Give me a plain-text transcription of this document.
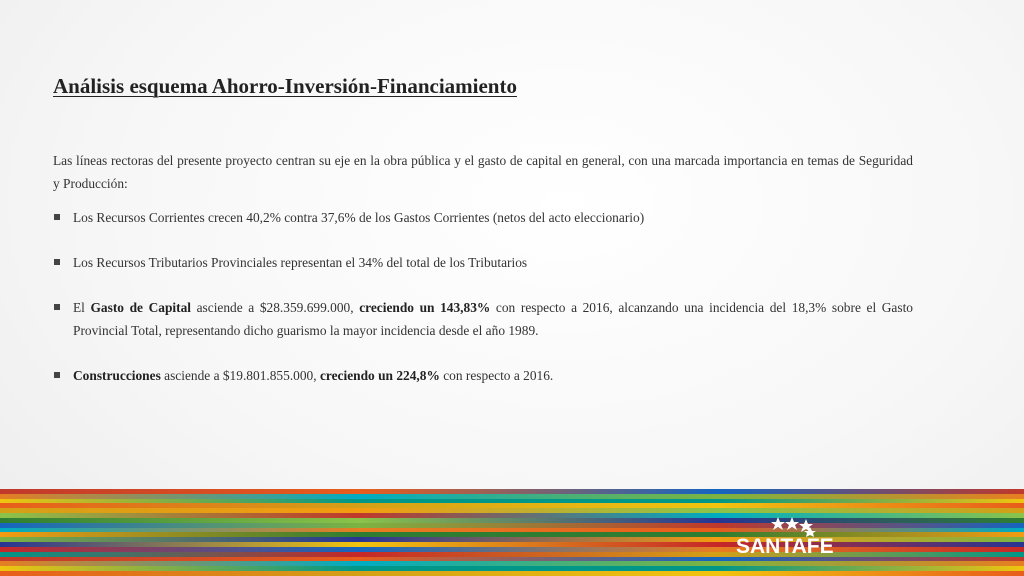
Análisis esquema Ahorro-Inversión-Financiamiento

Las líneas rectoras del presente proyecto centran su eje en la obra pública y el gasto de capital en general, con una marcada importancia en temas de Seguridad y Producción:

Los Recursos Corrientes crecen 40,2% contra 37,6% de los Gastos Corrientes (netos del acto eleccionario)
Los Recursos Tributarios Provinciales representan el 34% del total de los Tributarios
El Gasto de Capital asciende a $28.359.699.000, creciendo un 143,83% con respecto a 2016, alcanzando una incidencia del 18,3% sobre el Gasto Provincial Total, representando dicho guarismo la mayor incidencia desde el año 1989.
Construcciones asciende a $19.801.855.000, creciendo un 224,8% con respecto a 2016.
SANTAFE
